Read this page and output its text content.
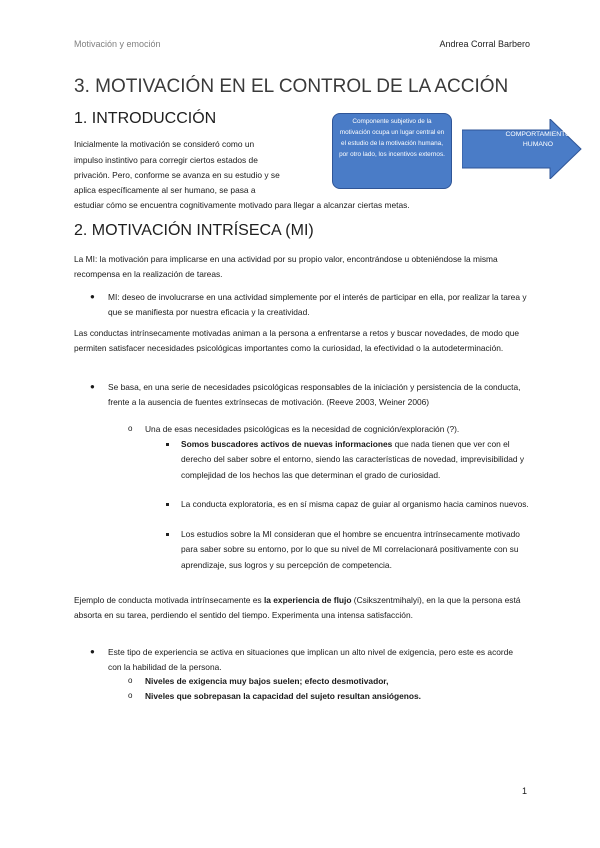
Motivación y emoción	Andrea Corral Barbero
3. MOTIVACIÓN EN EL CONTROL DE LA ACCIÓN
1. INTRODUCCIÓN
Inicialmente la motivación se consideró como un
impulso instintivo para corregir ciertos estados de
privación. Pero, conforme se avanza en su estudio y se
aplica específicamente al ser humano, se pasa a
estudiar cómo se encuentra cognitivamente motivado para llegar a alcanzar ciertas metas.
Componente subjetivo de la motivación ocupa un lugar central en el estudio de la motivación humana, por otro lado, los incentivos externos.
COMPORTAMIENTO HUMANO
2. MOTIVACIÓN INTRÍSECA (MI)
La MI: la motivación para implicarse en una actividad por su propio valor, encontrándose u obteniéndose la misma recompensa en la realización de tareas.
● MI: deseo de involucrarse en una actividad simplemente por el interés de participar en ella, por realizar la tarea y que se manifiesta por nuestra eficacia y la creatividad.
Las conductas intrínsecamente motivadas animan a la persona a enfrentarse a retos y buscar novedades, de modo que permiten satisfacer necesidades psicológicas importantes como la curiosidad, la efectividad o la autodeterminación.
● Se basa, en una serie de necesidades psicológicas responsables de la iniciación y persistencia de la conducta, frente a la ausencia de fuentes extrínsecas de motivación. (Reeve 2003, Weiner 2006)
o Una de esas necesidades psicológicas es la necesidad de cognición/exploración (?).
Somos buscadores activos de nuevas informaciones que nada tienen que ver con el derecho del saber sobre el entorno, siendo las características de novedad, imprevisibilidad y complejidad de los hechos las que determinan el grado de curiosidad.
La conducta exploratoria, es en sí misma capaz de guiar al organismo hacia caminos nuevos.
Los estudios sobre la MI consideran que el hombre se encuentra intrínsecamente motivado para saber sobre su entorno, por lo que su nivel de MI correlacionará positivamente con su aprendizaje, sus logros y su percepción de competencia.
Ejemplo de conducta motivada intrínsecamente es la experiencia de flujo (Csikszentmihalyi), en la que la persona está absorta en su tarea, perdiendo el sentido del tiempo. Experimenta una intensa satisfacción.
● Este tipo de experiencia se activa en situaciones que implican un alto nivel de exigencia, pero este es acorde con la habilidad de la persona.
o Niveles de exigencia muy bajos suelen; efecto desmotivador,
o Niveles que sobrepasan la capacidad del sujeto resultan ansiógenos.
1
